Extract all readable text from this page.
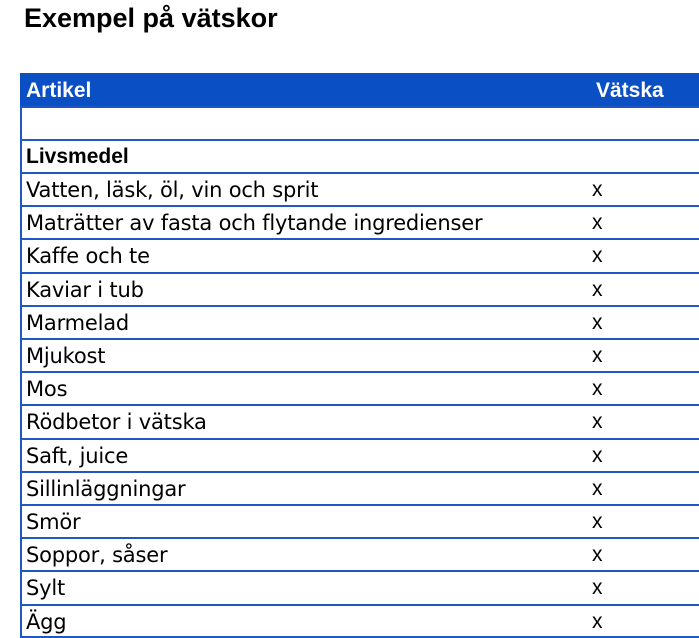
Exempel på vätskor
Artikel	Vätska
Livsmedel
Vatten, läsk, öl, vin och sprit	x
Maträtter av fasta och flytande ingredienser	x
Kaffe och te	x
Kaviar i tub	x
Marmelad	x
Mjukost	x
Mos	x
Rödbetor i vätska	x
Saft, juice	x
Sillinläggningar	x
Smör	x
Soppor, såser	x
Sylt	x
Ägg	x
